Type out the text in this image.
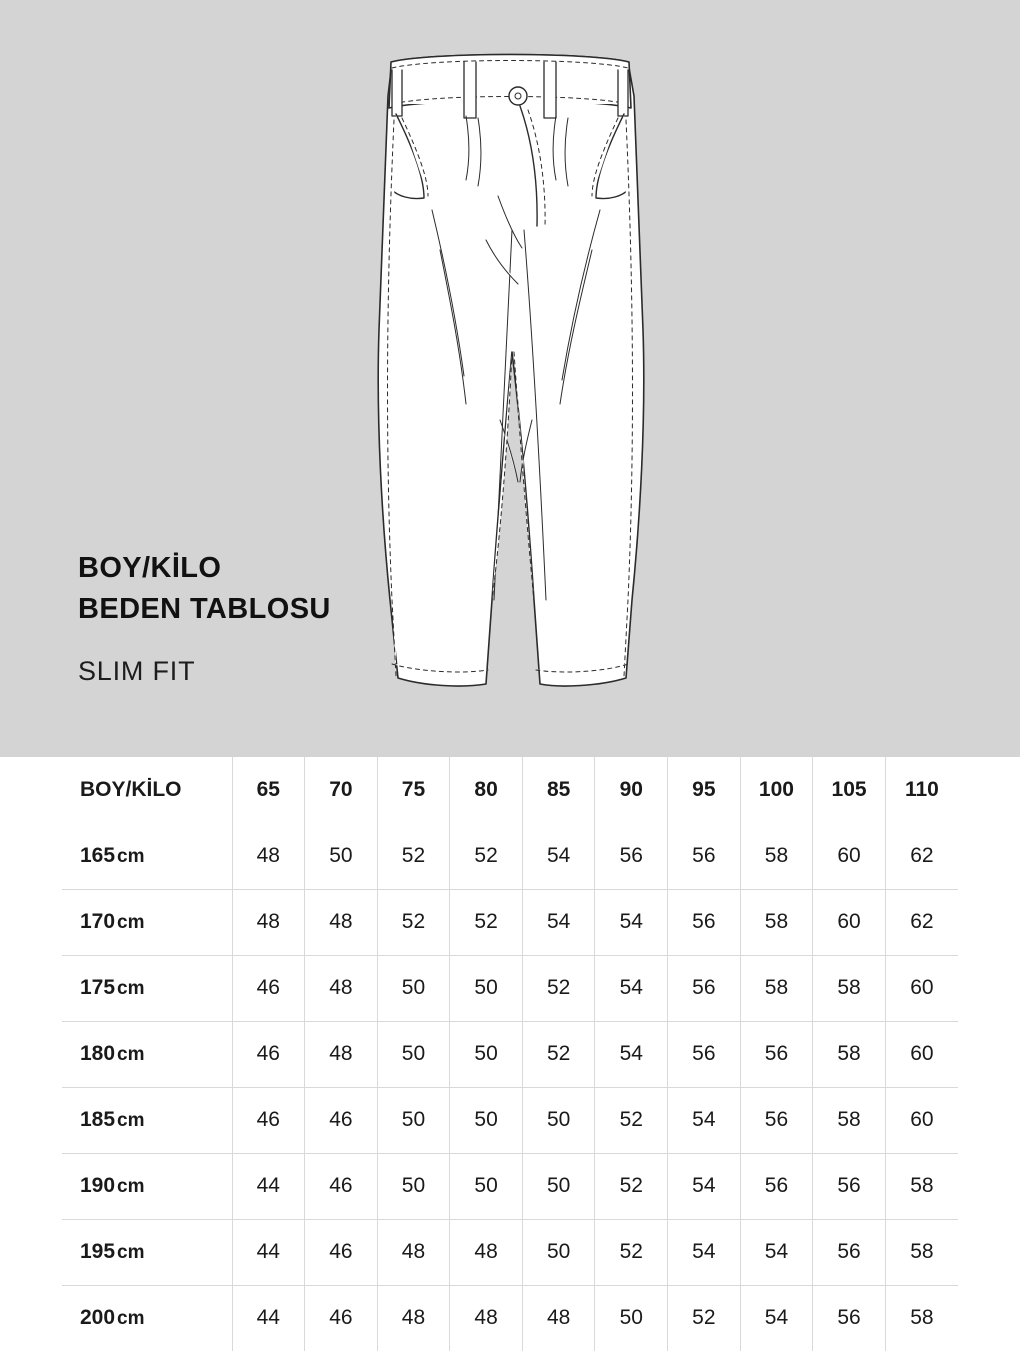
BOY/KİLO
BEDEN TABLOSU
SLIM FIT
BOY/KİLO	65	70	75	80	85	90	95	100	105	110
165 cm	48	50	52	52	54	56	56	58	60	62
170 cm	48	48	52	52	54	54	56	58	60	62
175 cm	46	48	50	50	52	54	56	58	58	60
180 cm	46	48	50	50	52	54	56	56	58	60
185 cm	46	46	50	50	50	52	54	56	58	60
190 cm	44	46	50	50	50	52	54	56	56	58
195 cm	44	46	48	48	50	52	54	54	56	58
200 cm	44	46	48	48	48	50	52	54	56	58
